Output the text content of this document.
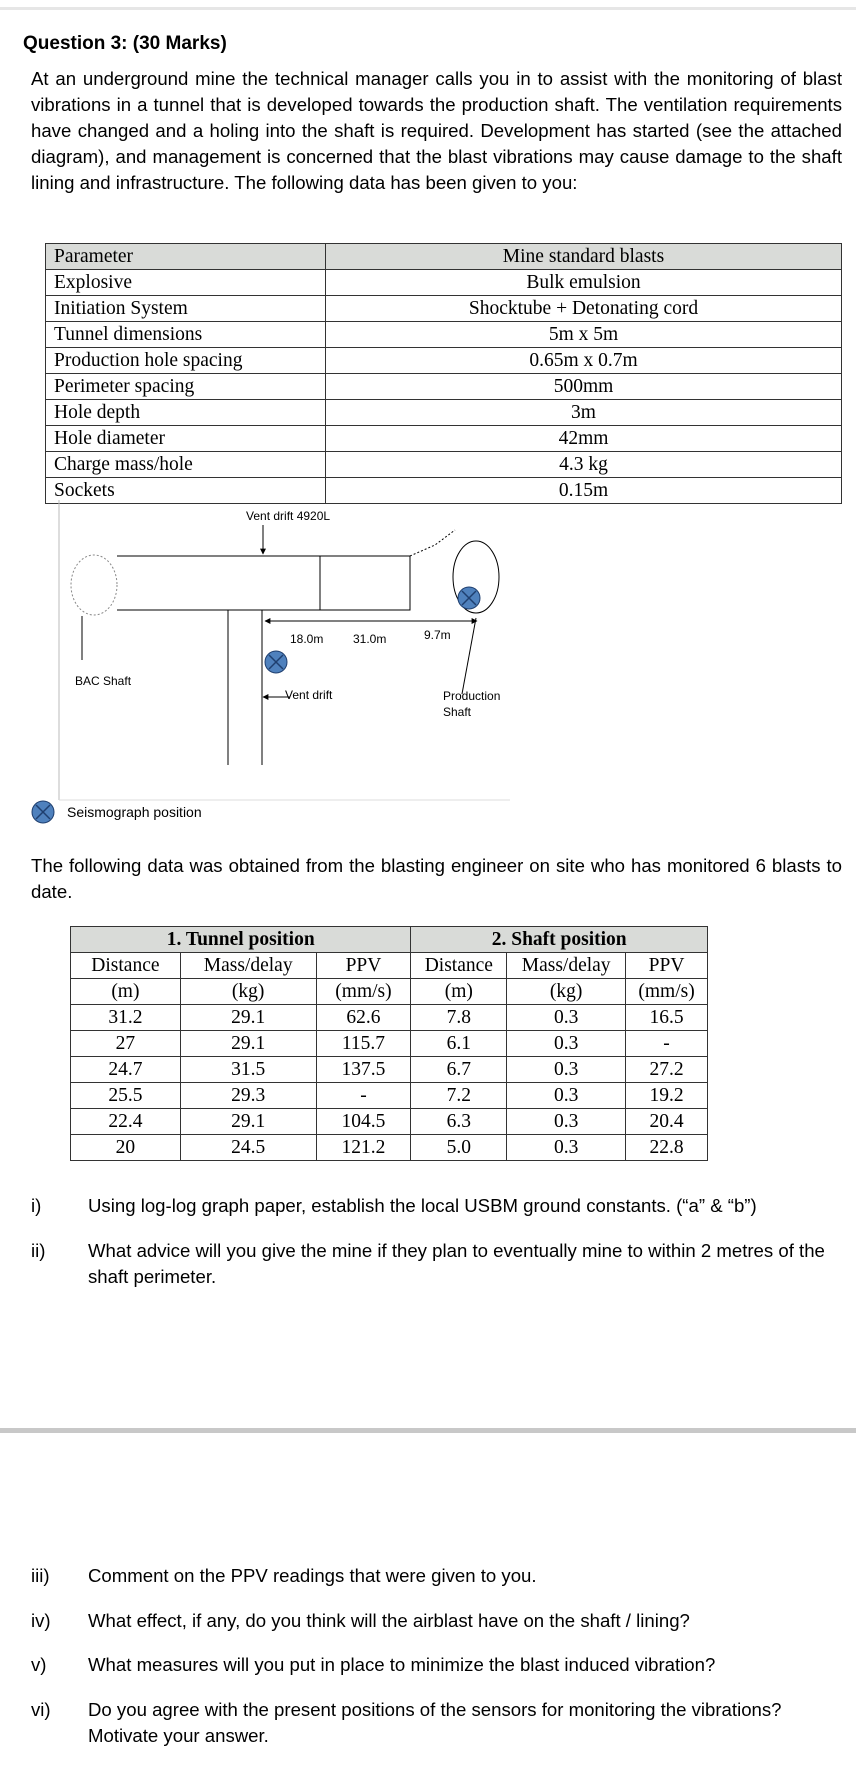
Question 3: (30 Marks)
At an underground mine the technical manager calls you in to assist with the monitoring of blast vibrations in a tunnel that is developed towards the production shaft. The ventilation requirements have changed and a holing into the shaft is required. Development has started (see the attached diagram), and management is concerned that the blast vibrations may cause damage to the shaft lining and infrastructure. The following data has been given to you:
Parameter	Mine standard blasts
Explosive	Bulk emulsion
Initiation System	Shocktube + Detonating cord
Tunnel dimensions	5m x 5m
Production hole spacing	0.65m x 0.7m
Perimeter spacing	500mm
Hole depth	3m
Hole diameter	42mm
Charge mass/hole	4.3 kg
Sockets	0.15m
Vent drift 4920L
18.0m 31.0m	9.7m
BAC Shaft
Vent drift	Production
Shaft
Seismograph position
The following data was obtained from the blasting engineer on site who has monitored 6 blasts to date.
1. Tunnel position			2. Shaft position		
Distance	Mass/delay	PPV	Distance	Mass/delay	PPV
(m)	(kg)	(mm/s)	(m)	(kg)	(mm/s)
31.2	29.1	62.6	7.8	0.3	16.5
27	29.1	115.7	6.1	0.3	-
24.7	31.5	137.5	6.7	0.3	27.2
25.5	29.3	-	7.2	0.3	19.2
22.4	29.1	104.5	6.3	0.3	20.4
20	24.5	121.2	5.0	0.3	22.8
i)	Using log-log graph paper, establish the local USBM ground constants. (“a” & “b”)
ii)	What advice will you give the mine if they plan to eventually mine to within 2 metres of the shaft perimeter.
iii)	Comment on the PPV readings that were given to you.
iv)	What effect, if any, do you think will the airblast have on the shaft / lining?
v)	What measures will you put in place to minimize the blast induced vibration?
vi)	Do you agree with the present positions of the sensors for monitoring the vibrations? Motivate your answer.
